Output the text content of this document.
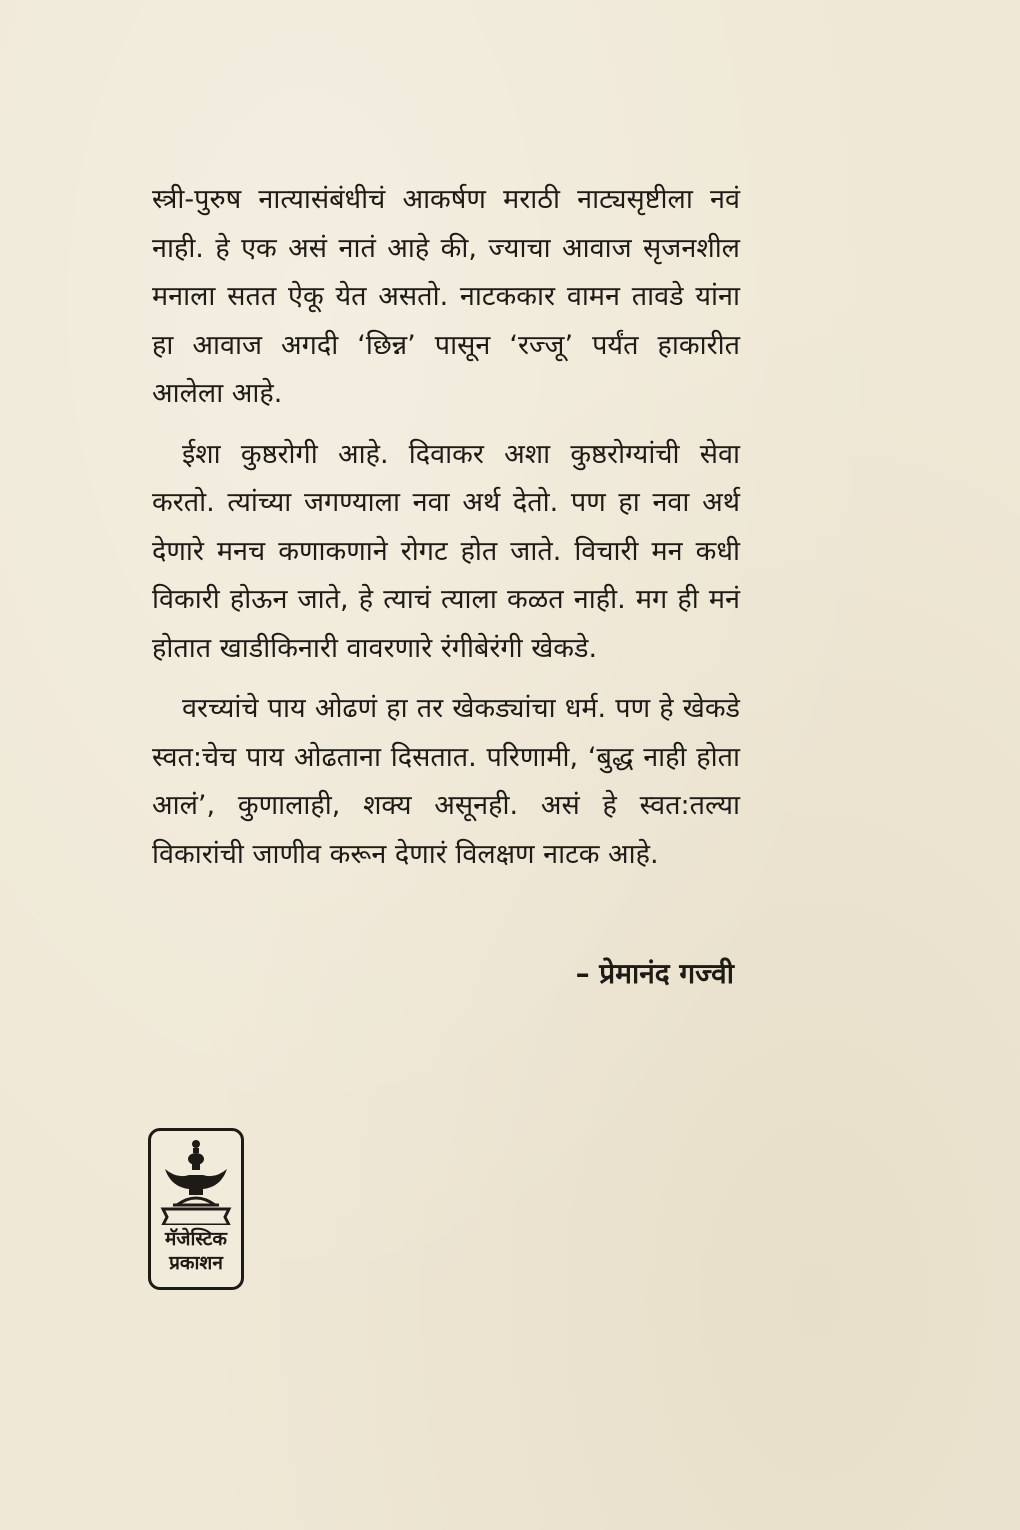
स्त्री-पुरुष नात्यासंबंधीचं आकर्षण मराठी नाट्यसृष्टीला नवं नाही. हे एक असं नातं आहे की, ज्याचा आवाज सृजनशील मनाला सतत ऐकू येत असतो. नाटककार वामन तावडे यांना हा आवाज अगदी ‘छिन्न’ पासून ‘रज्जू’ पर्यंत हाकारीत आलेला आहे.

ईशा कुष्ठरोगी आहे. दिवाकर अशा कुष्ठरोग्यांची सेवा करतो. त्यांच्या जगण्याला नवा अर्थ देतो. पण हा नवा अर्थ देणारे मनच कणाकणाने रोगट होत जाते. विचारी मन कधी विकारी होऊन जाते, हे त्याचं त्याला कळत नाही. मग ही मनं होतात खाडीकिनारी वावरणारे रंगीबेरंगी खेकडे.

वरच्यांचे पाय ओढणं हा तर खेकड्यांचा धर्म. पण हे खेकडे स्वत:चेच पाय ओढताना दिसतात. परिणामी, ‘बुद्ध नाही होता आलं’, कुणालाही, शक्य असूनही. असं हे स्वत:तल्या विकारांची जाणीव करून देणारं विलक्षण नाटक आहे.

– प्रेमानंद गज्वी
मॅजेस्टिक
प्रकाशन
